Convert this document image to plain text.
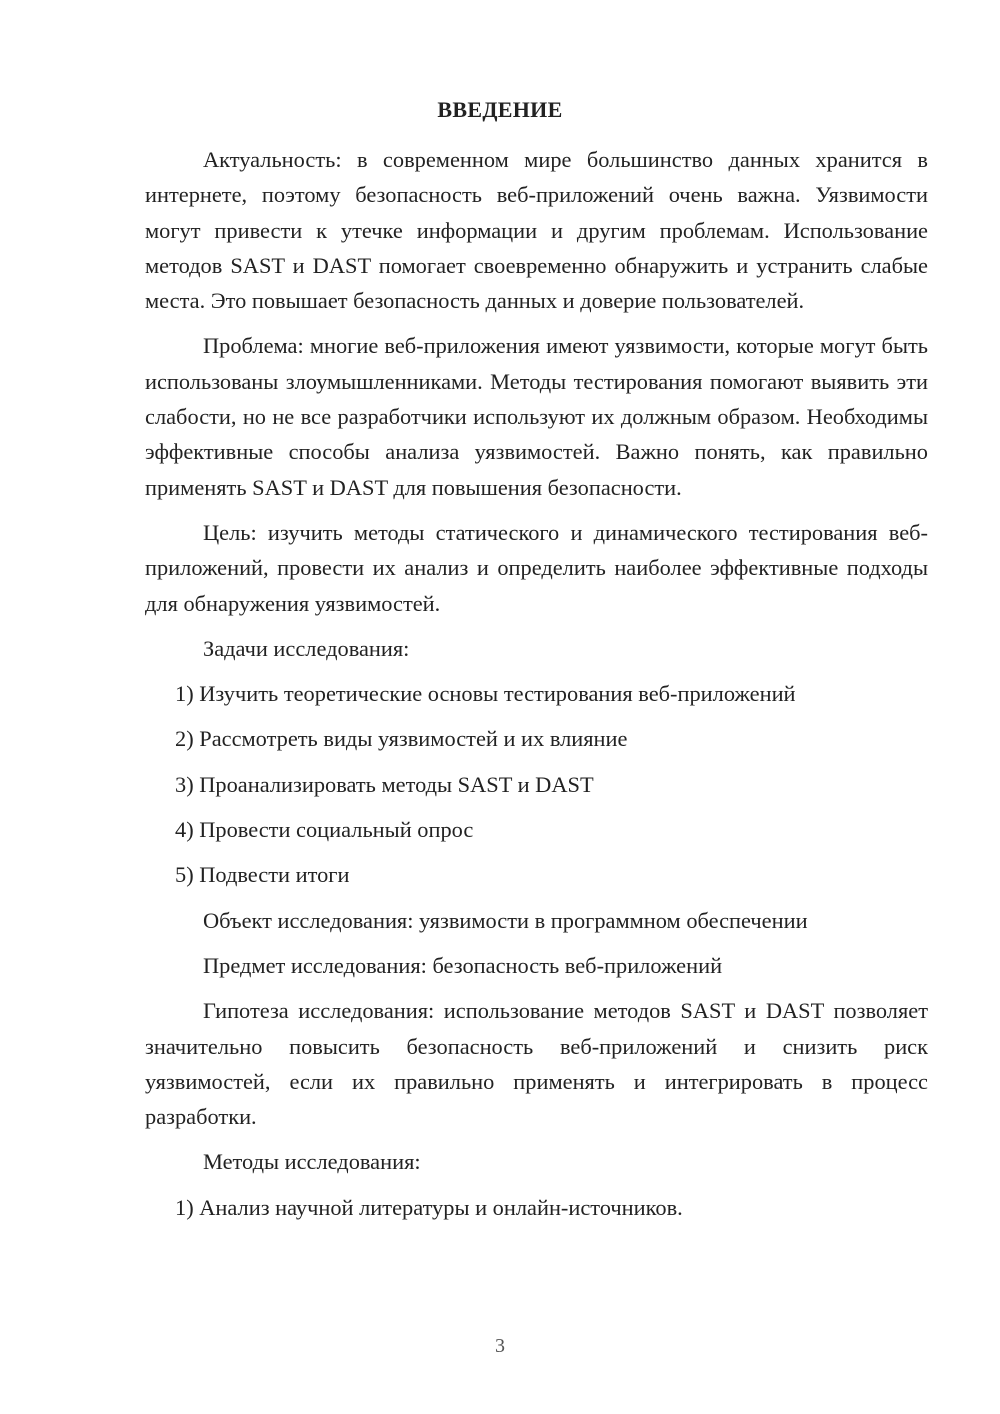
ВВЕДЕНИЕ

Актуальность: в современном мире большинство данных хранится в интернете, поэтому безопасность веб-приложений очень важна. Уязвимости могут привести к утечке информации и другим проблемам. Использование методов SAST и DAST помогает своевременно обнаружить и устранить слабые места. Это повышает безопасность данных и доверие пользователей.

Проблема: многие веб-приложения имеют уязвимости, которые могут быть использованы злоумышленниками. Методы тестирования помогают выявить эти слабости, но не все разработчики используют их должным образом. Необходимы эффективные способы анализа уязвимостей. Важно понять, как правильно применять SAST и DAST для повышения безопасности.

Цель: изучить методы статического и динамического тестирования веб-приложений, провести их анализ и определить наиболее эффективные подходы для обнаружения уязвимостей.

Задачи исследования:

1) Изучить теоретические основы тестирования веб-приложений

2) Рассмотреть виды уязвимостей и их влияние

3) Проанализировать методы SAST и DAST

4) Провести социальный опрос

5) Подвести итоги

Объект исследования: уязвимости в программном обеспечении

Предмет исследования: безопасность веб-приложений

Гипотеза исследования: использование методов SAST и DAST позволяет значительно повысить безопасность веб-приложений и снизить риск уязвимостей, если их правильно применять и интегрировать в процесс разработки.

Методы исследования:

1) Анализ научной литературы и онлайн-источников.

3
